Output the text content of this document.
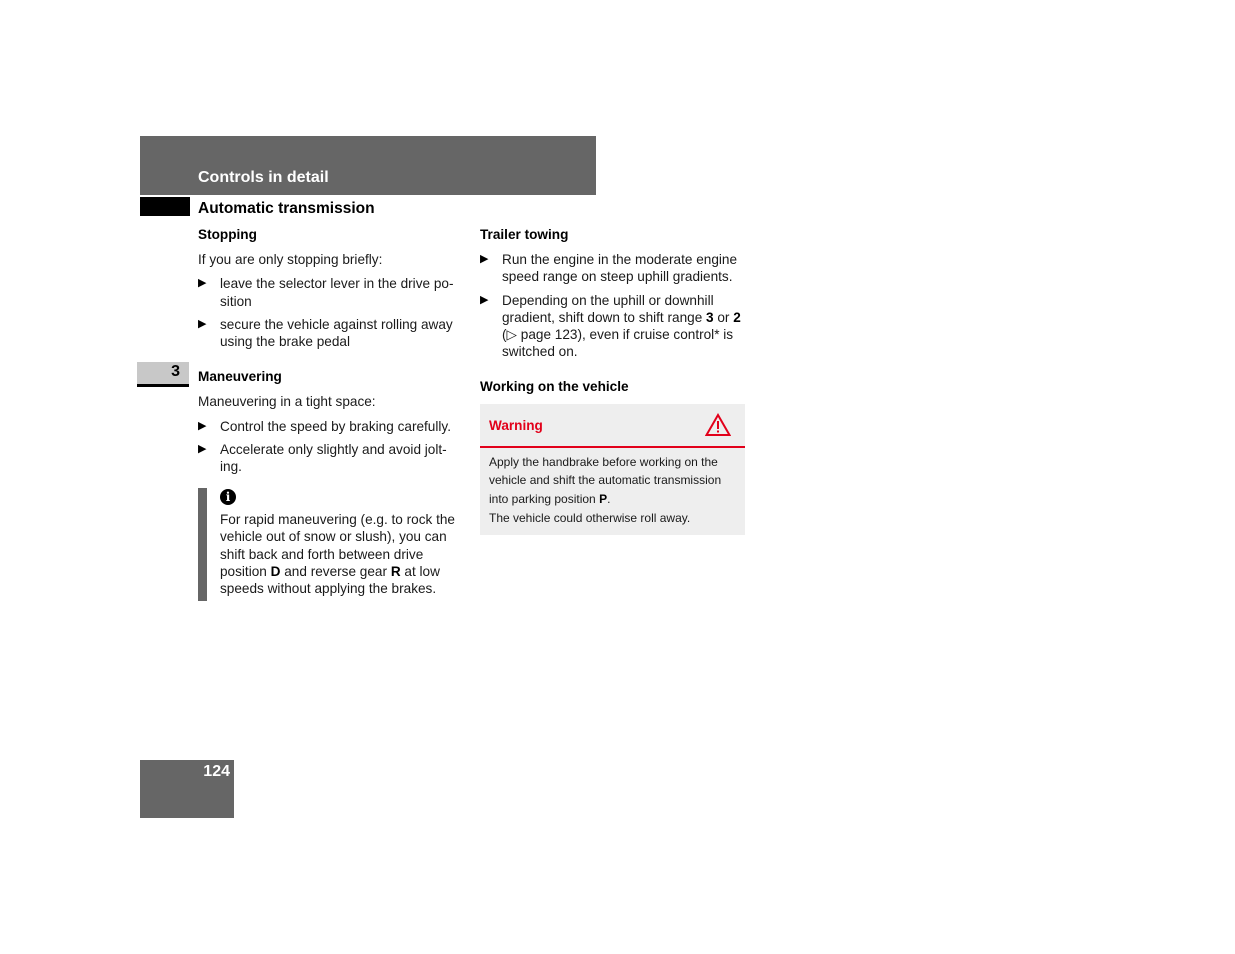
Controls in detail
Automatic transmission
3
124
Stopping
If you are only stopping briefly:
▶ leave the selector lever in the drive po-sition
▶ secure the vehicle against rolling away using the brake pedal
Maneuvering
Maneuvering in a tight space:
▶ Control the speed by braking carefully.
▶ Accelerate only slightly and avoid jolt-ing.
i
For rapid maneuvering (e.g. to rock the vehicle out of snow or slush), you can shift back and forth between drive position D and reverse gear R at low speeds without applying the brakes.
Trailer towing
▶ Run the engine in the moderate engine speed range on steep uphill gradients.
▶ Depending on the uphill or downhill gradient, shift down to shift range 3 or 2 (▷ page 123), even if cruise control* is switched on.
Working on the vehicle
Warning
Apply the handbrake before working on the vehicle and shift the automatic transmission into parking position P.
The vehicle could otherwise roll away.
